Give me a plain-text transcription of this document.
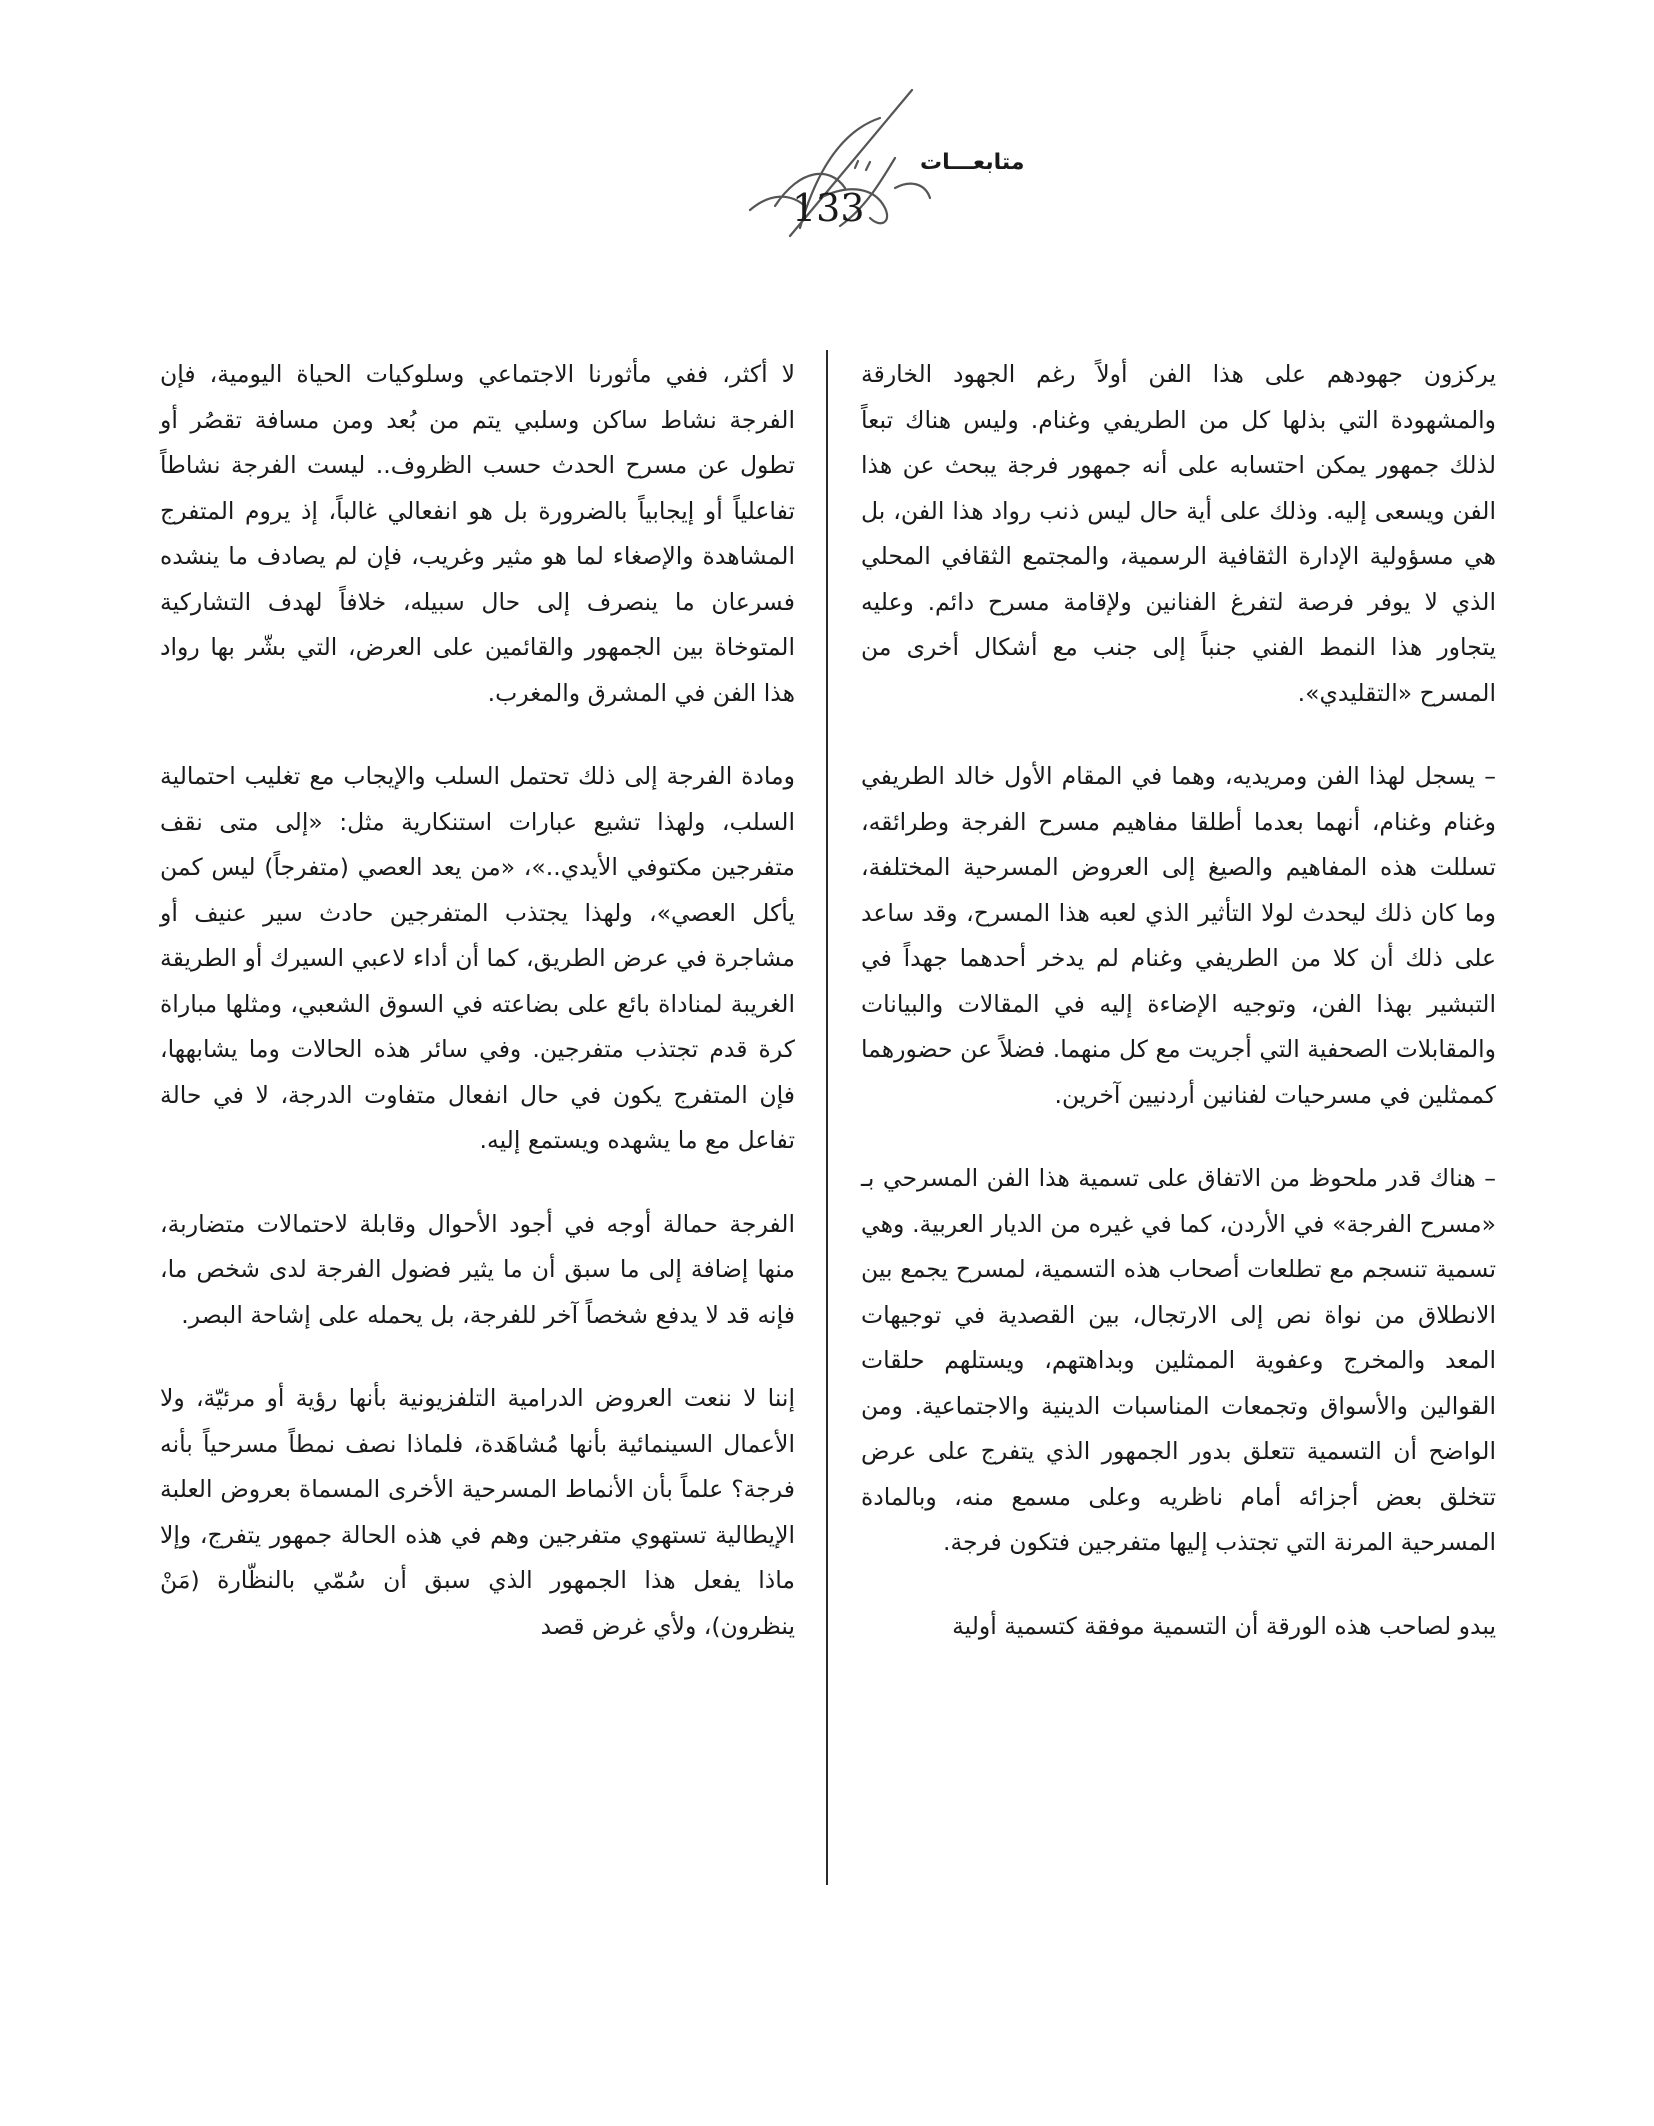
متابعـــات
133

يركزون جهودهم على هذا الفن أولاً رغم الجهود الخارقة والمشهودة التي بذلها كل من الطريفي وغنام. وليس هناك تبعاً لذلك جمهور يمكن احتسابه على أنه جمهور فرجة يبحث عن هذا الفن ويسعى إليه. وذلك على أية حال ليس ذنب رواد هذا الفن، بل هي مسؤولية الإدارة الثقافية الرسمية، والمجتمع الثقافي المحلي الذي لا يوفر فرصة لتفرغ الفنانين ولإقامة مسرح دائم. وعليه يتجاور هذا النمط الفني جنباً إلى جنب مع أشكال أخرى من المسرح «التقليدي».

– يسجل لهذا الفن ومريديه، وهما في المقام الأول خالد الطريفي وغنام وغنام، أنهما بعدما أطلقا مفاهيم مسرح الفرجة وطرائقه، تسللت هذه المفاهيم والصيغ إلى العروض المسرحية المختلفة، وما كان ذلك ليحدث لولا التأثير الذي لعبه هذا المسرح، وقد ساعد على ذلك أن كلا من الطريفي وغنام لم يدخر أحدهما جهداً في التبشير بهذا الفن، وتوجيه الإضاءة إليه في المقالات والبيانات والمقابلات الصحفية التي أجريت مع كل منهما. فضلاً عن حضورهما كممثلين في مسرحيات لفنانين أردنيين آخرين.

– هناك قدر ملحوظ من الاتفاق على تسمية هذا الفن المسرحي بـ «مسرح الفرجة» في الأردن، كما في غيره من الديار العربية. وهي تسمية تنسجم مع تطلعات أصحاب هذه التسمية، لمسرح يجمع بين الانطلاق من نواة نص إلى الارتجال، بين القصدية في توجيهات المعد والمخرج وعفوية الممثلين وبداهتهم، ويستلهم حلقات القوالين والأسواق وتجمعات المناسبات الدينية والاجتماعية. ومن الواضح أن التسمية تتعلق بدور الجمهور الذي يتفرج على عرض تتخلق بعض أجزائه أمام ناظريه وعلى مسمع منه، وبالمادة المسرحية المرنة التي تجتذب إليها متفرجين فتكون فرجة.

يبدو لصاحب هذه الورقة أن التسمية موفقة كتسمية أولية

لا أكثر، ففي مأثورنا الاجتماعي وسلوكيات الحياة اليومية، فإن الفرجة نشاط ساكن وسلبي يتم من بُعد ومن مسافة تقصُر أو تطول عن مسرح الحدث حسب الظروف.. ليست الفرجة نشاطاً تفاعلياً أو إيجابياً بالضرورة بل هو انفعالي غالباً، إذ يروم المتفرج المشاهدة والإصغاء لما هو مثير وغريب، فإن لم يصادف ما ينشده فسرعان ما ينصرف إلى حال سبيله، خلافاً لهدف التشاركية المتوخاة بين الجمهور والقائمين على العرض، التي بشّر بها رواد هذا الفن في المشرق والمغرب.

ومادة الفرجة إلى ذلك تحتمل السلب والإيجاب مع تغليب احتمالية السلب، ولهذا تشيع عبارات استنكارية مثل: «إلى متى نقف متفرجين مكتوفي الأيدي..»، «من يعد العصي (متفرجاً) ليس كمن يأكل العصي»، ولهذا يجتذب المتفرجين حادث سير عنيف أو مشاجرة في عرض الطريق، كما أن أداء لاعبي السيرك أو الطريقة الغريبة لمناداة بائع على بضاعته في السوق الشعبي، ومثلها مباراة كرة قدم تجتذب متفرجين. وفي سائر هذه الحالات وما يشابهها، فإن المتفرج يكون في حال انفعال متفاوت الدرجة، لا في حالة تفاعل مع ما يشهده ويستمع إليه.

الفرجة حمالة أوجه في أجود الأحوال وقابلة لاحتمالات متضاربة، منها إضافة إلى ما سبق أن ما يثير فضول الفرجة لدى شخص ما، فإنه قد لا يدفع شخصاً آخر للفرجة، بل يحمله على إشاحة البصر.

إننا لا ننعت العروض الدرامية التلفزيونية بأنها رؤية أو مرئيّة، ولا الأعمال السينمائية بأنها مُشاهَدة، فلماذا نصف نمطاً مسرحياً بأنه فرجة؟ علماً بأن الأنماط المسرحية الأخرى المسماة بعروض العلبة الإيطالية تستهوي متفرجين وهم في هذه الحالة جمهور يتفرج، وإلا ماذا يفعل هذا الجمهور الذي سبق أن سُمّي بالنظّارة (مَنْ ينظرون)، ولأي غرض قصد
